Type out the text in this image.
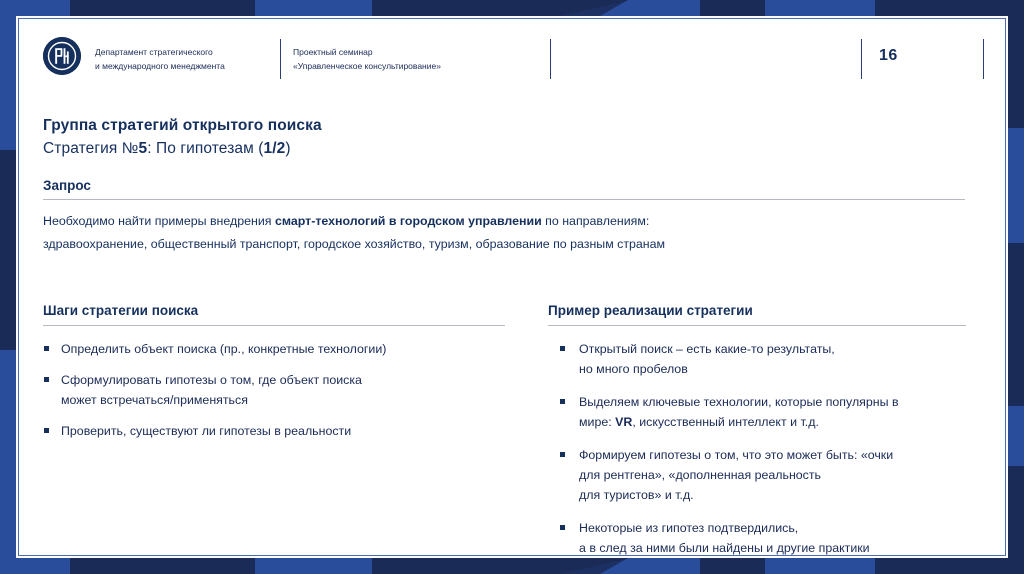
Департамент стратегического
и международного менеджмента
Проектный семинар
«Управленческое консультирование»
16
Группа стратегий открытого поиска
Стратегия №5: По гипотезам (1/2)
Запрос
Необходимо найти примеры внедрения смарт-технологий в городском управлении по направлениям:
здравоохранение, общественный транспорт, городское хозяйство, туризм, образование по разным странам
Шаги стратегии поиска
Определить объект поиска (пр., конкретные технологии)
Сформулировать гипотезы о том, где объект поиска
может встречаться/применяться
Проверить, существуют ли гипотезы в реальности
Пример реализации стратегии
Открытый поиск – есть какие-то результаты,
но много пробелов
Выделяем ключевые технологии, которые популярны в
мире: VR, искусственный интеллект и т.д.
Формируем гипотезы о том, что это может быть: «очки
для рентгена», «дополненная реальность
для туристов» и т.д.
Некоторые из гипотез подтвердились,
а в след за ними были найдены и другие практики
